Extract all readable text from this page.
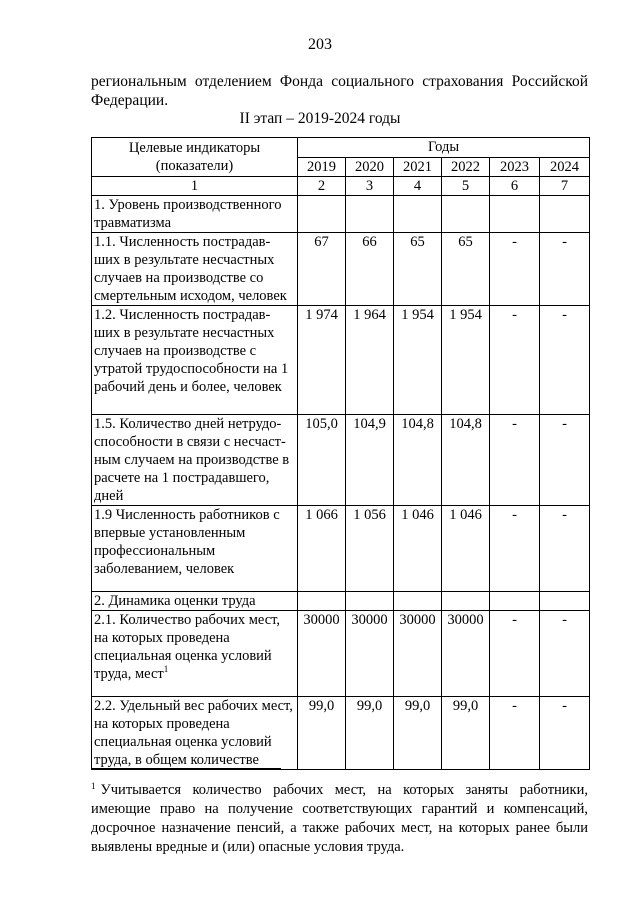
203
региональным отделением Фонда социального страхования Российской
Федерации.
II этап – 2019-2024 годы
Целевые индикаторы
(показатели)	Годы					
	2019	2020	2021	2022	2023	2024
1	2	3	4	5	6	7
1. Уровень производственного травматизма						
1.1. Численность пострадав-ших в результате несчастных случаев на производстве со смертельным исходом, человек	67	66	65	65	-	-
1.2. Численность пострадав-ших в результате несчастных случаев на производстве с утратой трудоспособности на 1 рабочий день и более, человек	1 974	1 964	1 954	1 954	-	-
1.5. Количество дней нетрудо-способности в связи с несчаст-ным случаем на производстве в расчете на 1 пострадавшего, дней	105,0	104,9	104,8	104,8	-	-
1.9 Численность работников с впервые установленным профессиональным заболеванием, человек	1 066	1 056	1 046	1 046	-	-
2. Динамика оценки труда						
2.1. Количество рабочих мест, на которых проведена специальная оценка условий труда, мест$^1$	30000	30000	30000	30000	-	-
2.2. Удельный вес рабочих мест, на которых проведена специальная оценка условий труда, в общем количестве	99,0	99,0	99,0	99,0	-	-
$^1$ Учитывается количество рабочих мест, на которых заняты работники, имеющие право на получение соответствующих гарантий и компенсаций, досрочное назначение пенсий, а также рабочих мест, на которых ранее были выявлены вредные и (или) опасные условия труда.
